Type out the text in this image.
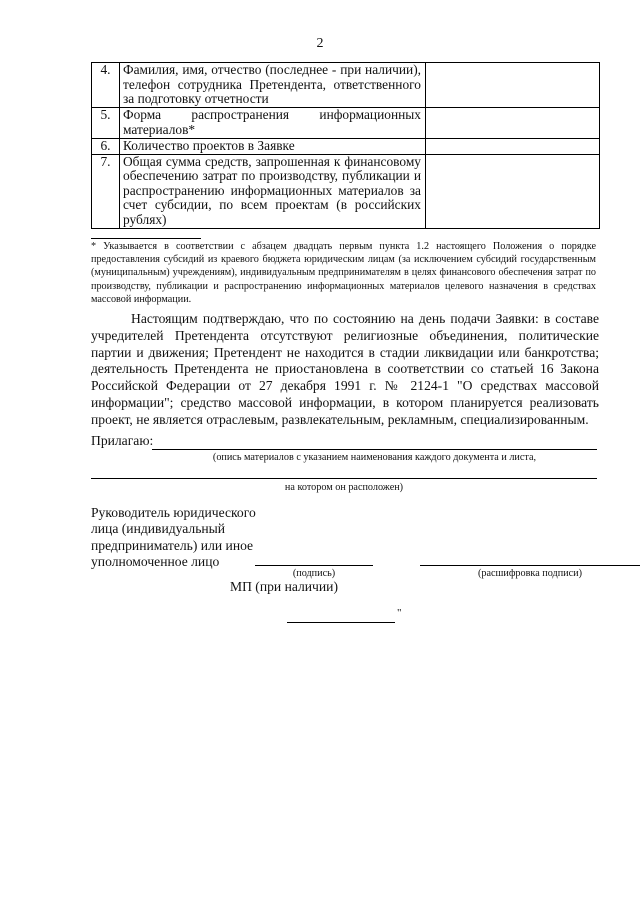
2
4.	Фамилия, имя, отчество (последнее - при наличии), телефон сотрудника Претендента, ответственного за подготовку отчетности	
5.	Форма распространения информационных материалов*	
6.	Количество проектов в Заявке	
7.	Общая сумма средств, запрошенная к финансовому обеспечению затрат по производству, публикации и распространению информационных материалов за счет субсидии, по всем проектам (в российских рублях)	
* Указывается в соответствии с абзацем двадцать первым пункта 1.2 настоящего Положения о порядке предоставления субсидий из краевого бюджета юридическим лицам (за исключением субсидий государственным (муниципальным) учреждениям), индивидуальным предпринимателям в целях финансового обеспечения затрат по производству, публикации и распространению информационных материалов целевого назначения в средствах массовой информации.
Настоящим подтверждаю, что по состоянию на день подачи Заявки: в составе учредителей Претендента отсутствуют религиозные объединения, политические партии и движения; Претендент не находится в стадии ликвидации или банкротства; деятельность Претендента не приостановлена в соответствии со статьей 16 Закона Российской Федерации от 27 декабря 1991 г. № 2124-1 "О средствах массовой информации"; средство массовой информации, в котором планируется реализовать проект, не является отраслевым, развлекательным, рекламным, специализированным.
Прилагаю:
(опись материалов с указанием наименования каждого документа и листа,
на котором он расположен)
Руководитель юридического лица (индивидуальный предприниматель) или иное уполномоченное лицо
(подпись)	(расшифровка подписи)
МП (при наличии)
"
